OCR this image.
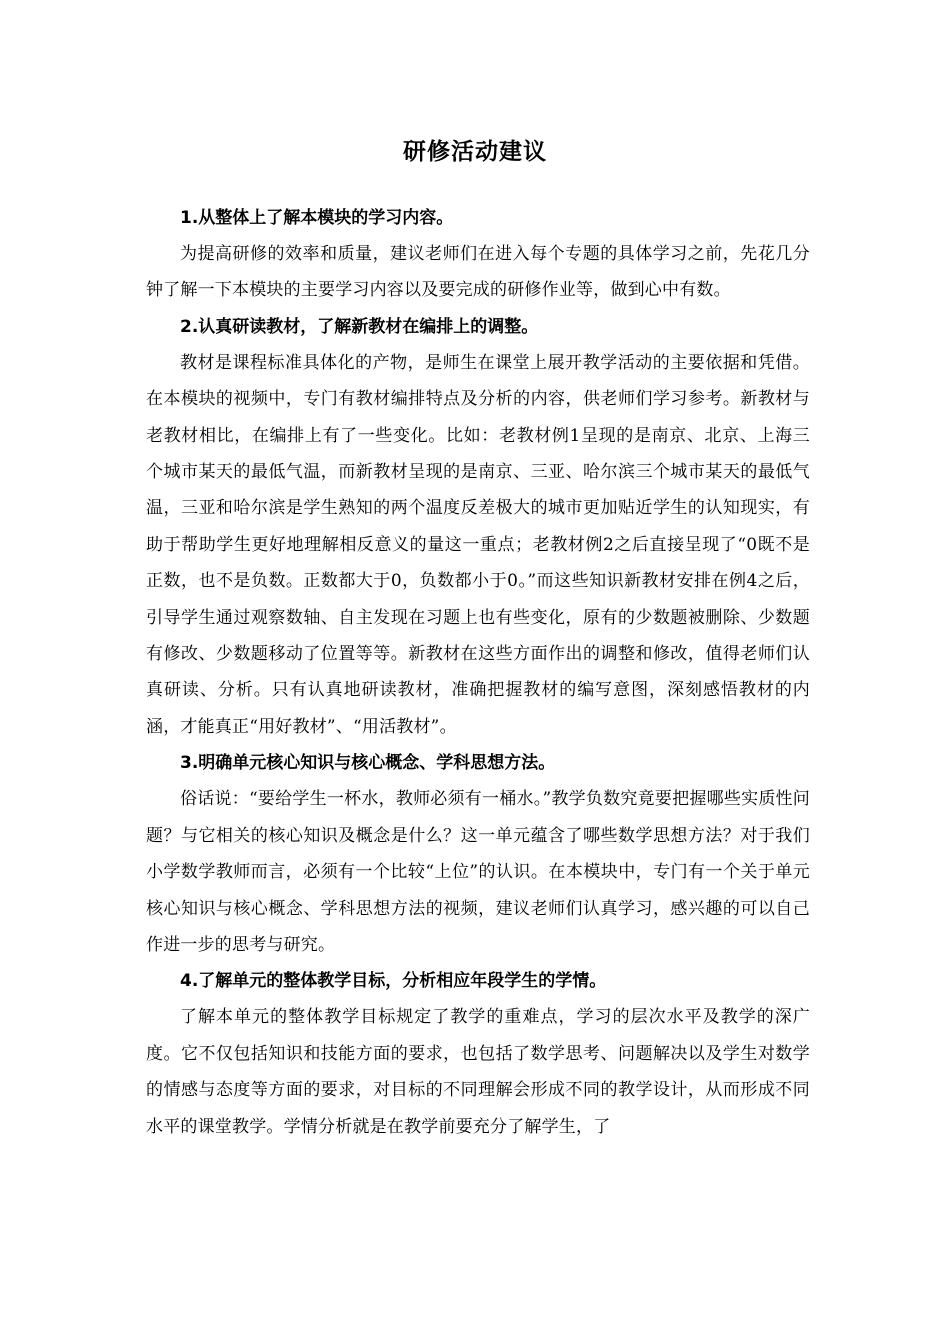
研修活动建议

1.从整体上了解本模块的学习内容。

为提高研修的效率和质量，建议老师们在进入每个专题的具体学习之前，先花几分钟了解一下本模块的主要学习内容以及要完成的研修作业等，做到心中有数。

2.认真研读教材，了解新教材在编排上的调整。

教材是课程标准具体化的产物，是师生在课堂上展开教学活动的主要依据和凭借。在本模块的视频中，专门有教材编排特点及分析的内容，供老师们学习参考。新教材与老教材相比，在编排上有了一些变化。比如：老教材例1呈现的是南京、北京、上海三个城市某天的最低气温，而新教材呈现的是南京、三亚、哈尔滨三个城市某天的最低气温，三亚和哈尔滨是学生熟知的两个温度反差极大的城市更加贴近学生的认知现实，有助于帮助学生更好地理解相反意义的量这一重点；老教材例2之后直接呈现了“0既不是正数，也不是负数。正数都大于0，负数都小于0。”而这些知识新教材安排在例4之后，引导学生通过观察数轴、自主发现在习题上也有些变化，原有的少数题被删除、少数题有修改、少数题移动了位置等等。新教材在这些方面作出的调整和修改，值得老师们认真研读、分析。只有认真地研读教材，准确把握教材的编写意图，深刻感悟教材的内涵，才能真正“用好教材”、“用活教材”。

3.明确单元核心知识与核心概念、学科思想方法。

俗话说：“要给学生一杯水，教师必须有一桶水。”教学负数究竟要把握哪些实质性问题？与它相关的核心知识及概念是什么？这一单元蕴含了哪些数学思想方法？对于我们小学数学教师而言，必须有一个比较“上位”的认识。在本模块中，专门有一个关于单元核心知识与核心概念、学科思想方法的视频，建议老师们认真学习，感兴趣的可以自己作进一步的思考与研究。

4.了解单元的整体教学目标，分析相应年段学生的学情。

了解本单元的整体教学目标规定了教学的重难点，学习的层次水平及教学的深广度。它不仅包括知识和技能方面的要求，也包括了数学思考、问题解决以及学生对数学的情感与态度等方面的要求，对目标的不同理解会形成不同的教学设计，从而形成不同水平的课堂教学。学情分析就是在教学前要充分了解学生，了
